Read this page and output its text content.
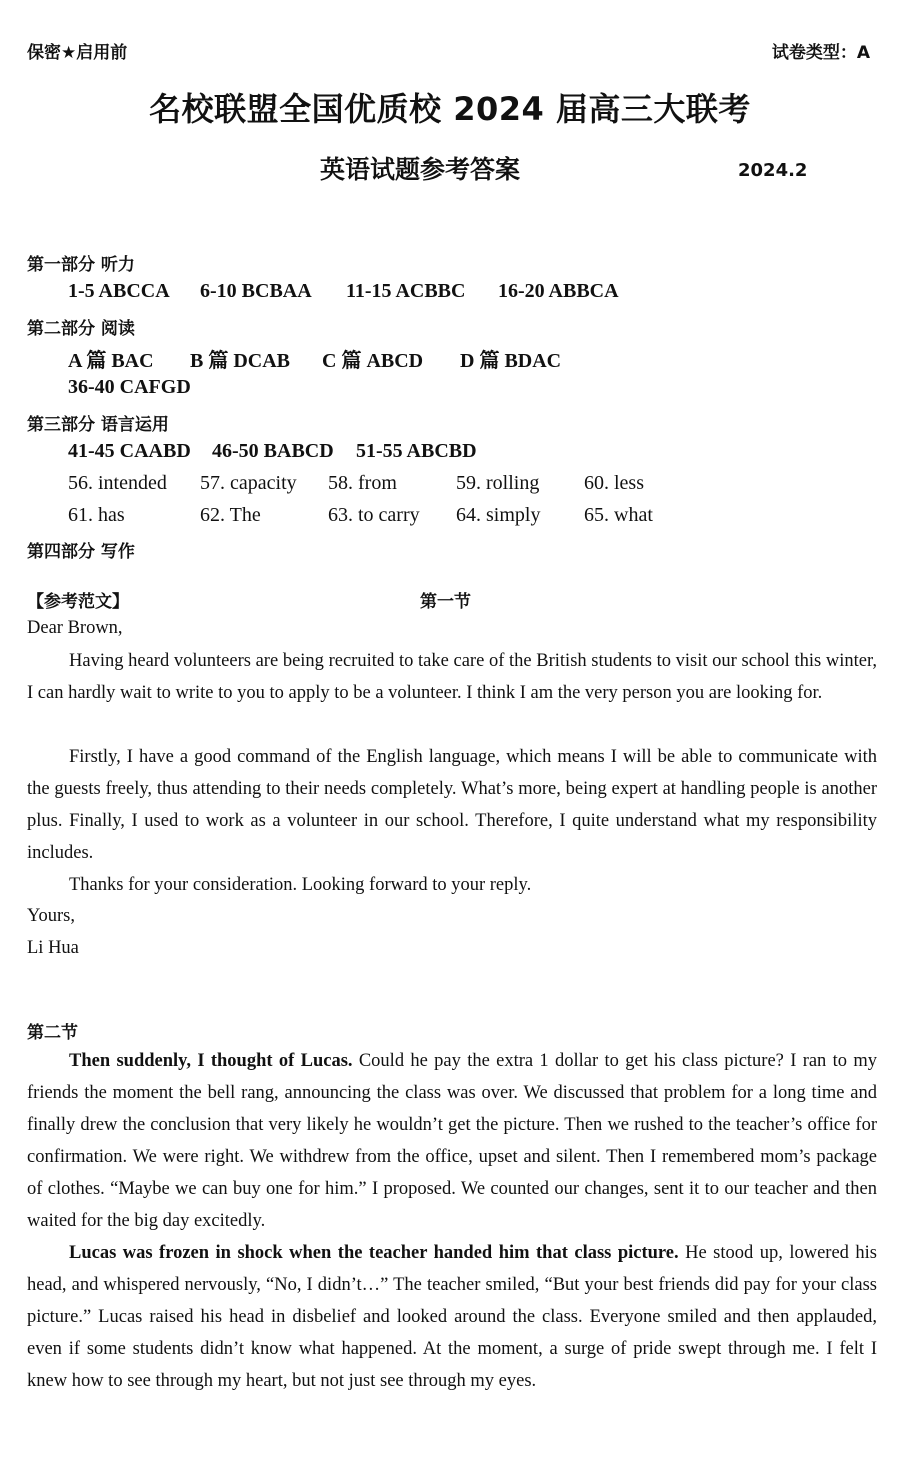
保密★启用前	试卷类型：A
名校联盟全国优质校 2024 届高三大联考
英语试题参考答案	2024.2
第一部分 听力
1-5 ABCCA 6-10 BCBAA 11-15 ACBBC 16-20 ABBCA
第二部分 阅读
A 篇 BAC B 篇 DCAB C 篇 ABCD D 篇 BDAC
36-40 CAFGD
第三部分 语言运用
41-45 CAABD 46-50 BABCD 51-55 ABCBD
56. intended 57. capacity 58. from	59. rolling 60. less
61. has	62. The	63. to carry 64. simply 65. what
第四部分 写作
【参考范文】	第一节
Dear Brown,

Having heard volunteers are being recruited to take care of the British students to visit our school this winter, I can hardly wait to write to you to apply to be a volunteer. I think I am the very person you are looking for.

Firstly, I have a good command of the English language, which means I will be able to communicate with the guests freely, thus attending to their needs completely. What’s more, being expert at handling people is another plus. Finally, I used to work as a volunteer in our school. Therefore, I quite understand what my responsibility includes.

Thanks for your consideration. Looking forward to your reply.

Yours,
Li Hua
第二节

Then suddenly, I thought of Lucas. Could he pay the extra 1 dollar to get his class picture? I ran to my friends the moment the bell rang, announcing the class was over. We discussed that problem for a long time and finally drew the conclusion that very likely he wouldn’t get the picture. Then we rushed to the teacher’s office for confirmation. We were right. We withdrew from the office, upset and silent. Then I remembered mom’s package of clothes. “Maybe we can buy one for him.” I proposed. We counted our changes, sent it to our teacher and then waited for the big day excitedly.

Lucas was frozen in shock when the teacher handed him that class picture. He stood up, lowered his head, and whispered nervously, “No, I didn’t…” The teacher smiled, “But your best friends did pay for your class picture.” Lucas raised his head in disbelief and looked around the class. Everyone smiled and then applauded, even if some students didn’t know what happened. At the moment, a surge of pride swept through me. I felt I knew how to see through my heart, but not just see through my eyes.
